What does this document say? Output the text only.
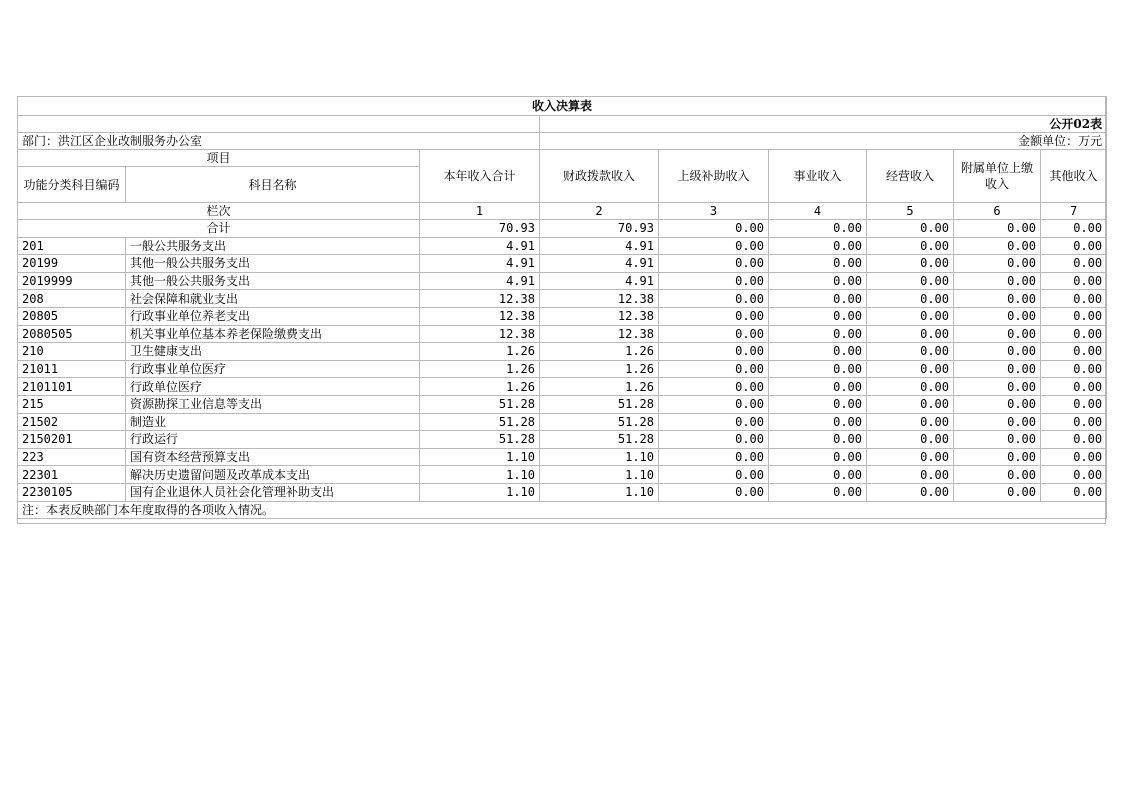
收入决算表								
			公开02表					
部门：洪江区企业改制服务办公室			金额单位：万元					
项目		本年收入合计	财政拨款收入	上级补助收入	事业收入	经营收入	附属单位上缴收入	其他收入
功能分类科目编码	科目名称							
栏次		1	2	3	4	5	6	7
合计		70.93	70.93	0.00	0.00	0.00	0.00	0.00
201	一般公共服务支出	4.91	4.91	0.00	0.00	0.00	0.00	0.00
20199	其他一般公共服务支出	4.91	4.91	0.00	0.00	0.00	0.00	0.00
2019999	其他一般公共服务支出	4.91	4.91	0.00	0.00	0.00	0.00	0.00
208	社会保障和就业支出	12.38	12.38	0.00	0.00	0.00	0.00	0.00
20805	行政事业单位养老支出	12.38	12.38	0.00	0.00	0.00	0.00	0.00
2080505	机关事业单位基本养老保险缴费支出	12.38	12.38	0.00	0.00	0.00	0.00	0.00
210	卫生健康支出	1.26	1.26	0.00	0.00	0.00	0.00	0.00
21011	行政事业单位医疗	1.26	1.26	0.00	0.00	0.00	0.00	0.00
2101101	行政单位医疗	1.26	1.26	0.00	0.00	0.00	0.00	0.00
215	资源勘探工业信息等支出	51.28	51.28	0.00	0.00	0.00	0.00	0.00
21502	制造业	51.28	51.28	0.00	0.00	0.00	0.00	0.00
2150201	行政运行	51.28	51.28	0.00	0.00	0.00	0.00	0.00
223	国有资本经营预算支出	1.10	1.10	0.00	0.00	0.00	0.00	0.00
22301	解决历史遗留问题及改革成本支出	1.10	1.10	0.00	0.00	0.00	0.00	0.00
2230105	国有企业退休人员社会化管理补助支出	1.10	1.10	0.00	0.00	0.00	0.00	0.00
注：本表反映部门本年度取得的各项收入情况。								
